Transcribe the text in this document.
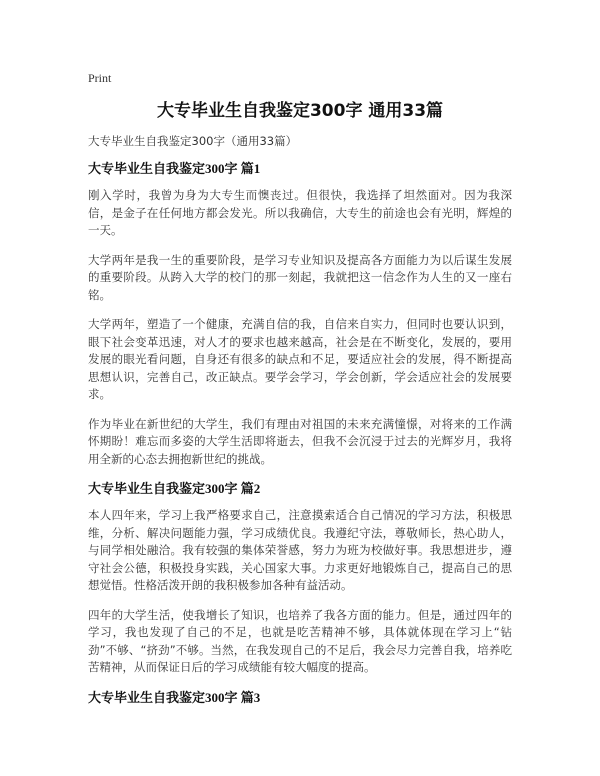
Print
大专毕业生自我鉴定300字 通用33篇
大专毕业生自我鉴定300字（通用33篇）
大专毕业生自我鉴定300字 篇1

刚入学时，我曾为身为大专生而懊丧过。但很快，我选择了坦然面对。因为我深信，是金子在任何地方都会发光。所以我确信，大专生的前途也会有光明，辉煌的一天。

大学两年是我一生的重要阶段，是学习专业知识及提高各方面能力为以后谋生发展的重要阶段。从跨入大学的校门的那一刻起，我就把这一信念作为人生的又一座右铭。

大学两年，塑造了一个健康，充满自信的我，自信来自实力，但同时也要认识到，眼下社会变革迅速，对人才的要求也越来越高，社会是在不断变化，发展的，要用发展的眼光看问题，自身还有很多的缺点和不足，要适应社会的发展，得不断提高思想认识，完善自己，改正缺点。要学会学习，学会创新，学会适应社会的发展要求。

作为毕业在新世纪的大学生，我们有理由对祖国的未来充满憧憬，对将来的工作满怀期盼！难忘而多姿的大学生活即将逝去，但我不会沉浸于过去的光辉岁月，我将用全新的心态去拥抱新世纪的挑战。

大专毕业生自我鉴定300字 篇2

本人四年来，学习上我严格要求自己，注意摸索适合自己情况的学习方法，积极思维，分析、解决问题能力强，学习成绩优良。我遵纪守法，尊敬师长，热心助人，与同学相处融洽。我有较强的集体荣誉感，努力为班为校做好事。我思想进步，遵守社会公德，积极投身实践，关心国家大事。力求更好地锻炼自己，提高自己的思想觉悟。性格活泼开朗的我积极参加各种有益活动。

四年的大学生活，使我增长了知识，也培养了我各方面的能力。但是，通过四年的学习，我也发现了自己的不足，也就是吃苦精神不够，具体就体现在学习上“钻劲”不够、“挤劲”不够。当然，在我发现自己的不足后，我会尽力完善自我，培养吃苦精神，从而保证日后的学习成绩能有较大幅度的提高。

大专毕业生自我鉴定300字 篇3
